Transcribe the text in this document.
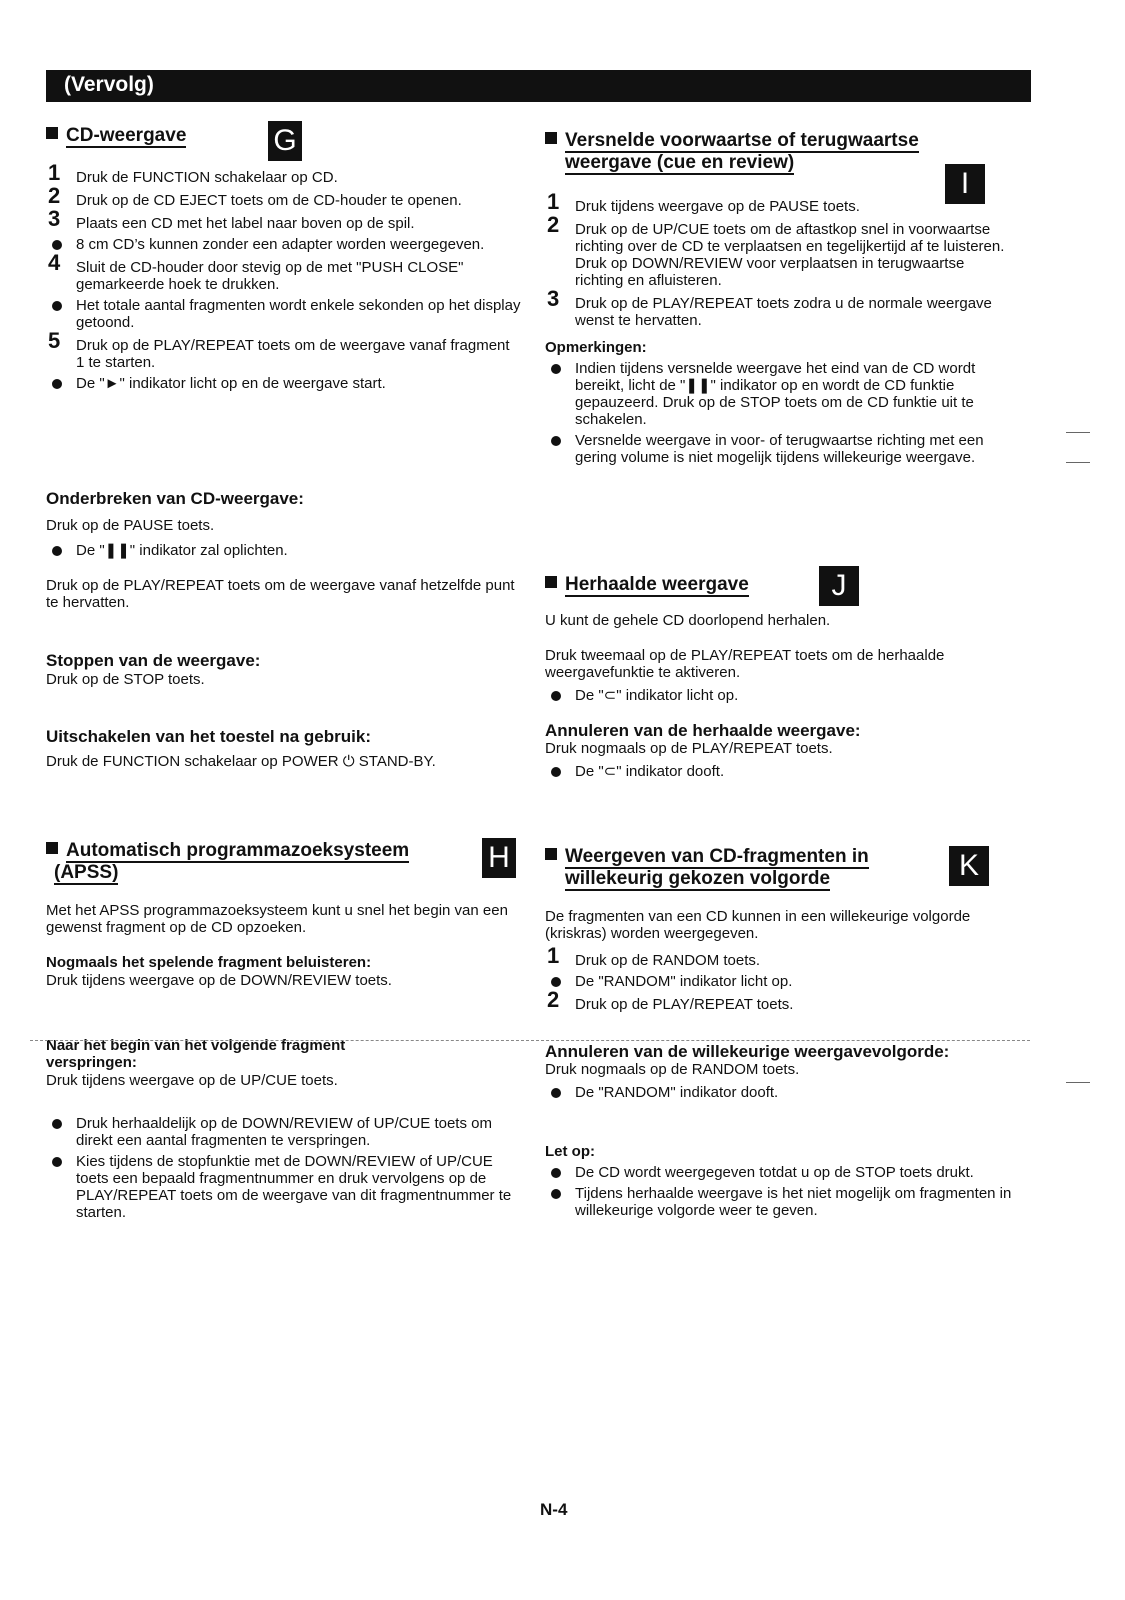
(Vervolg)
CD-weergave	G
1 Druk de FUNCTION schakelaar op CD.
2 Druk op de CD EJECT toets om de CD-houder te openen.
3 Plaats een CD met het label naar boven op de spil.
8 cm CD’s kunnen zonder een adapter worden weergegeven.
4 Sluit de CD-houder door stevig op de met "PUSH CLOSE" gemarkeerde hoek te drukken.
Het totale aantal fragmenten wordt enkele sekonden op het display getoond.
5 Druk op de PLAY/REPEAT toets om de weergave vanaf fragment 1 te starten.
De "►" indikator licht op en de weergave start.
Onderbreken van CD-weergave:
Druk op de PAUSE toets.
De "❚❚" indikator zal oplichten.
Druk op de PLAY/REPEAT toets om de weergave vanaf hetzelfde punt te hervatten.
Stoppen van de weergave:
Druk op de STOP toets.
Uitschakelen van het toestel na gebruik:
Druk de FUNCTION schakelaar op POWER ⏻ STAND-BY.
Automatisch programmazoeksysteem
(APSS)	H
Met het APSS programmazoeksysteem kunt u snel het begin van een gewenst fragment op de CD opzoeken.
Nogmaals het spelende fragment beluisteren:
Druk tijdens weergave op de DOWN/REVIEW toets.
Naar het begin van het volgende fragment verspringen:
Druk tijdens weergave op de UP/CUE toets.
Druk herhaaldelijk op de DOWN/REVIEW of UP/CUE toets om direkt een aantal fragmenten te verspringen.
Kies tijdens de stopfunktie met de DOWN/REVIEW of UP/CUE toets een bepaald fragmentnummer en druk vervolgens op de PLAY/REPEAT toets om de weergave van dit fragmentnummer te starten.
Versnelde voorwaartse of terugwaartse
weergave (cue en review)
I
1 Druk tijdens weergave op de PAUSE toets.
2 Druk op de UP/CUE toets om de aftastkop snel in voorwaartse richting over de CD te verplaatsen en tegelijkertijd af te luisteren. Druk op DOWN/REVIEW voor verplaatsen in terugwaartse richting en afluisteren.
3 Druk op de PLAY/REPEAT toets zodra u de normale weergave wenst te hervatten.
Opmerkingen:
Indien tijdens versnelde weergave het eind van de CD wordt bereikt, licht de "❚❚" indikator op en wordt de CD funktie gepauzeerd. Druk op de STOP toets om de CD funktie uit te schakelen.
Versnelde weergave in voor- of terugwaartse richting met een gering volume is niet mogelijk tijdens willekeurige weergave.
Herhaalde weergave	J
U kunt de gehele CD doorlopend herhalen.
Druk tweemaal op de PLAY/REPEAT toets om de herhaalde weergavefunktie te aktiveren.
De "⊂" indikator licht op.
Annuleren van de herhaalde weergave:
Druk nogmaals op de PLAY/REPEAT toets.
De "⊂" indikator dooft.
Weergeven van CD-fragmenten in
willekeurig gekozen volgorde	K
De fragmenten van een CD kunnen in een willekeurige volgorde (kriskras) worden weergegeven.
1 Druk op de RANDOM toets.
De "RANDOM" indikator licht op.
2 Druk op de PLAY/REPEAT toets.
Annuleren van de willekeurige weergavevolgorde:
Druk nogmaals op de RANDOM toets.
De "RANDOM" indikator dooft.
Let op:
De CD wordt weergegeven totdat u op de STOP toets drukt.
Tijdens herhaalde weergave is het niet mogelijk om fragmenten in willekeurige volgorde weer te geven.
N-4
